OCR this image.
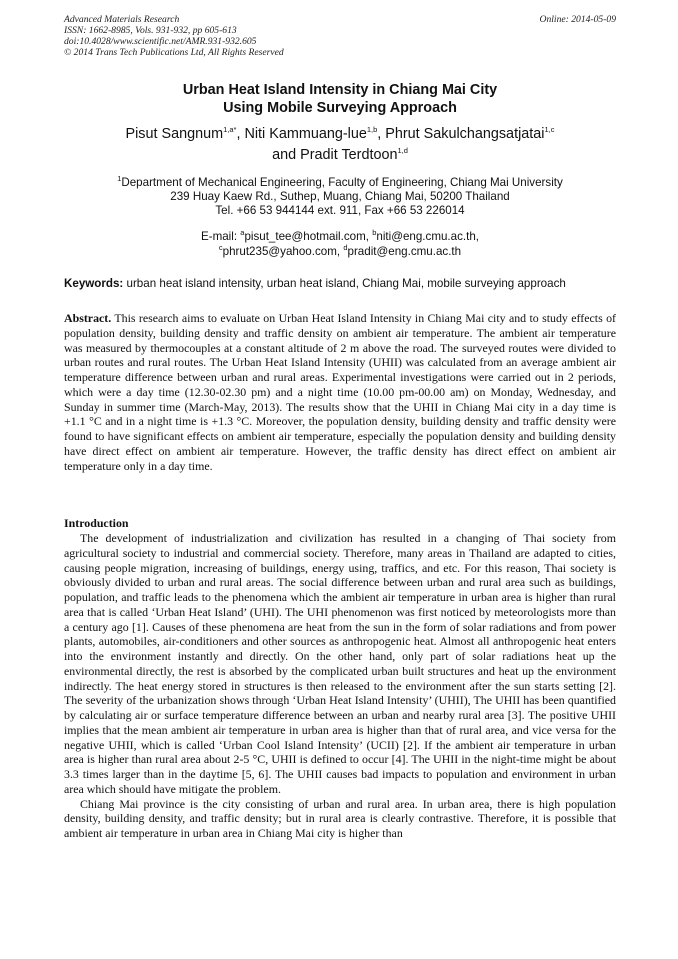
Advanced Materials Research
ISSN: 1662-8985, Vols. 931-932, pp 605-613
doi:10.4028/www.scientific.net/AMR.931-932.605
© 2014 Trans Tech Publications Ltd, All Rights Reserved
Online: 2014-05-09
Urban Heat Island Intensity in Chiang Mai City
Using Mobile Surveying Approach
Pisut Sangnum$^{1,a*}$, Niti Kammuang-lue$^{1,b}$, Phrut Sakulchangsatjatai$^{1,c}$
and Pradit Terdtoon$^{1,d}$
$^1$Department of Mechanical Engineering, Faculty of Engineering, Chiang Mai University
239 Huay Kaew Rd., Suthep, Muang, Chiang Mai, 50200 Thailand
Tel. +66 53 944144 ext. 911, Fax +66 53 226014
E-mail: $^a$pisut_tee@hotmail.com, $^b$niti@eng.cmu.ac.th,
$^c$phrut235@yahoo.com, $^d$pradit@eng.cmu.ac.th
Keywords: urban heat island intensity, urban heat island, Chiang Mai, mobile surveying approach
Abstract. This research aims to evaluate on Urban Heat Island Intensity in Chiang Mai city and to study effects of population density, building density and traffic density on ambient air temperature. The ambient air temperature was measured by thermocouples at a constant altitude of 2 m above the road. The surveyed routes were divided to urban routes and rural routes. The Urban Heat Island Intensity (UHII) was calculated from an average ambient air temperature difference between urban and rural areas. Experimental investigations were carried out in 2 periods, which were a day time (12.30-02.30 pm) and a night time (10.00 pm-00.00 am) on Monday, Wednesday, and Sunday in summer time (March-May, 2013). The results show that the UHII in Chiang Mai city in a day time is +1.1 °C and in a night time is +1.3 °C. Moreover, the population density, building density and traffic density were found to have significant effects on ambient air temperature, especially the population density and building density have direct effect on ambient air temperature. However, the traffic density has direct effect on ambient air temperature only in a day time.
Introduction

The development of industrialization and civilization has resulted in a changing of Thai society from agricultural society to industrial and commercial society. Therefore, many areas in Thailand are adapted to cities, causing people migration, increasing of buildings, energy using, traffics, and etc. For this reason, Thai society is obviously divided to urban and rural areas. The social difference between urban and rural area such as buildings, population, and traffic leads to the phenomena which the ambient air temperature in urban area is higher than rural area that is called ‘Urban Heat Island’ (UHI). The UHI phenomenon was first noticed by meteorologists more than a century ago [1]. Causes of these phenomena are heat from the sun in the form of solar radiations and from power plants, automobiles, air-conditioners and other sources as anthropogenic heat. Almost all anthropogenic heat enters into the environment instantly and directly. On the other hand, only part of solar radiations heat up the environmental directly, the rest is absorbed by the complicated urban built structures and heat up the environment indirectly. The heat energy stored in structures is then released to the environment after the sun starts setting [2]. The severity of the urbanization shows through ‘Urban Heat Island Intensity’ (UHII), The UHII has been quantified by calculating air or surface temperature difference between an urban and nearby rural area [3]. The positive UHII implies that the mean ambient air temperature in urban area is higher than that of rural area, and vice versa for the negative UHII, which is called ‘Urban Cool Island Intensity’ (UCII) [2]. If the ambient air temperature in urban area is higher than rural area about 2-5 °C, UHII is defined to occur [4]. The UHII in the night-time might be about 3.3 times larger than in the daytime [5, 6]. The UHII causes bad impacts to population and environment in urban area which should have mitigate the problem.

Chiang Mai province is the city consisting of urban and rural area. In urban area, there is high population density, building density, and traffic density; but in rural area is clearly contrastive. Therefore, it is possible that ambient air temperature in urban area in Chiang Mai city is higher than
